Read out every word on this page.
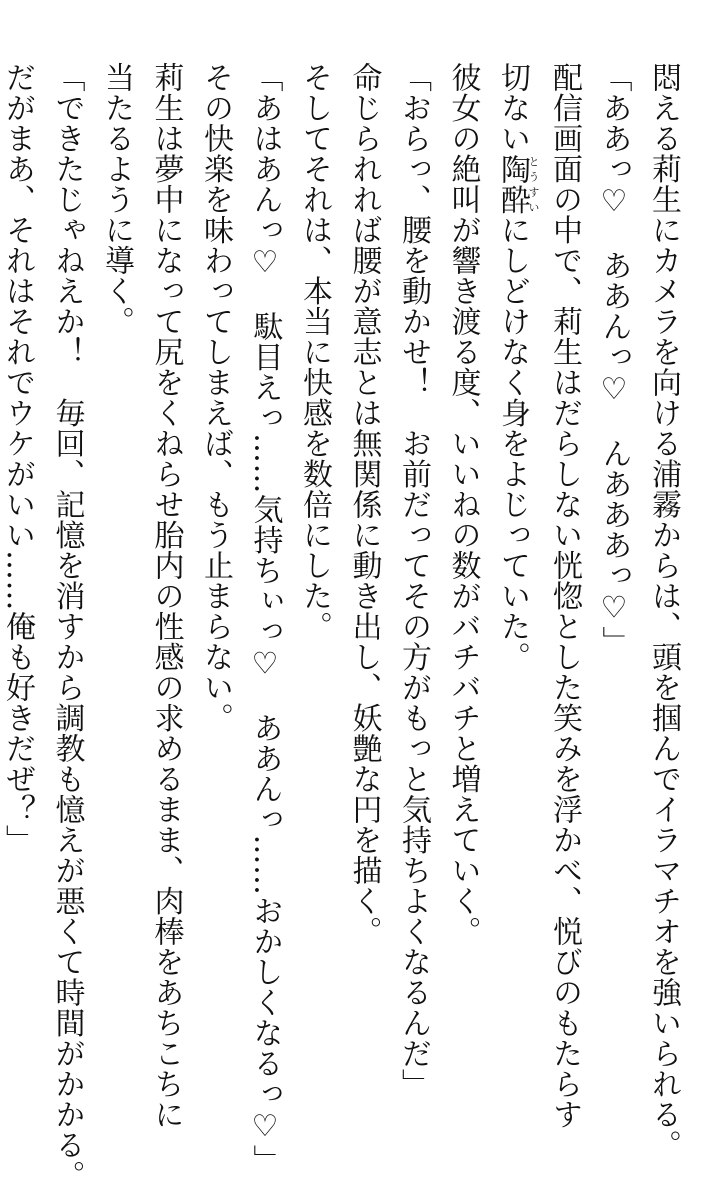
悶える莉生にカメラを向ける浦霧からは、頭を掴んでイラマチオを強いられる。
「ああっ♡　ああんっ♡　んあああっ♡」
配信画面の中で、莉生はだらしない恍惚とした笑みを浮かべ、悦びのもたらす
切ない陶酔とうすいにしどけなく身をよじっていた。
彼女の絶叫が響き渡る度、いいねの数がバチバチと増えていく。
「おらっ、腰を動かせ！　お前だってその方がもっと気持ちよくなるんだ」
命じられれば腰が意志とは無関係に動き出し、妖艶な円を描く。
そしてそれは、本当に快感を数倍にした。
「あはあんっ♡　駄目えっ……気持ちぃっ♡　ああんっ……おかしくなるっ♡」
その快楽を味わってしまえば、もう止まらない。
莉生は夢中になって尻をくねらせ胎内の性感の求めるまま、肉棒をあちこちに
当たるように導く。
「できたじゃねえか！　毎回、記憶を消すから調教も憶えが悪くて時間がかかる。
だがまあ、それはそれでウケがいい……俺も好きだぜ？」
